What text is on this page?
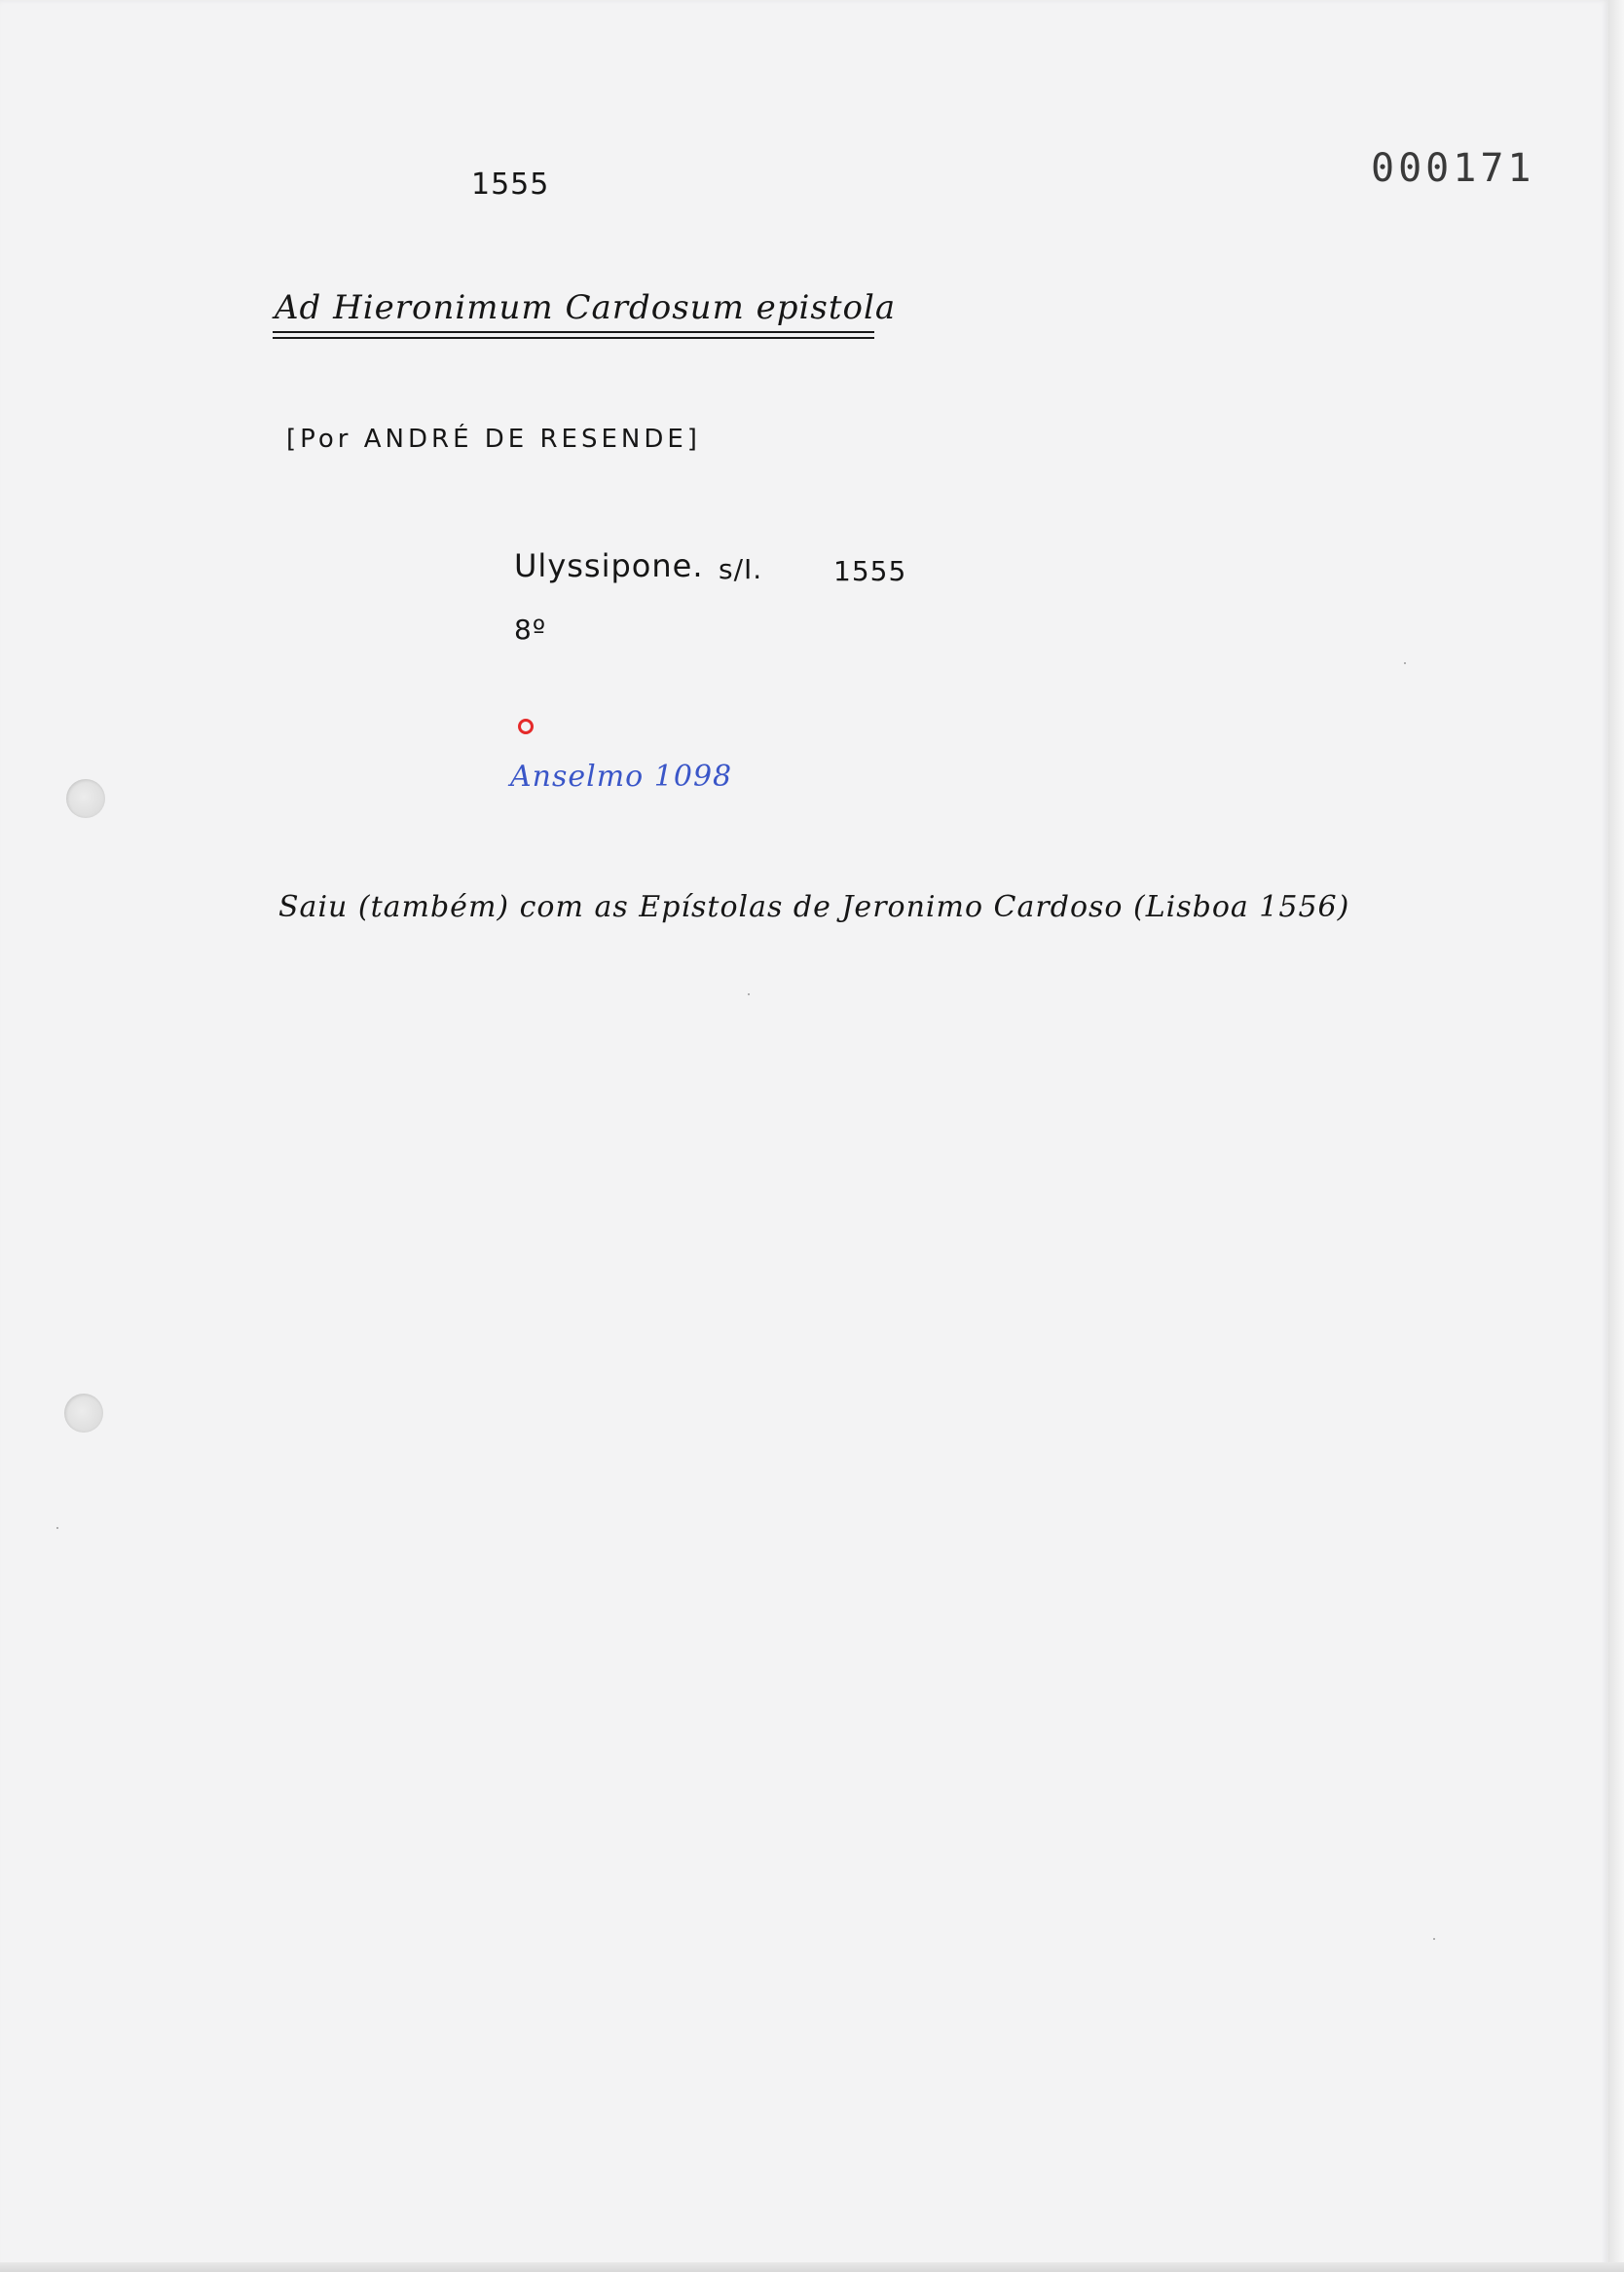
1555	000171
Ad Hieronimum Cardosum epistola
[Por ANDRÉ DE RESENDE]
Ulyssipone. s/I.	1555
8º
Anselmo 1098
Saiu (também) com as Epístolas de Jeronimo Cardoso (Lisboa 1556)
